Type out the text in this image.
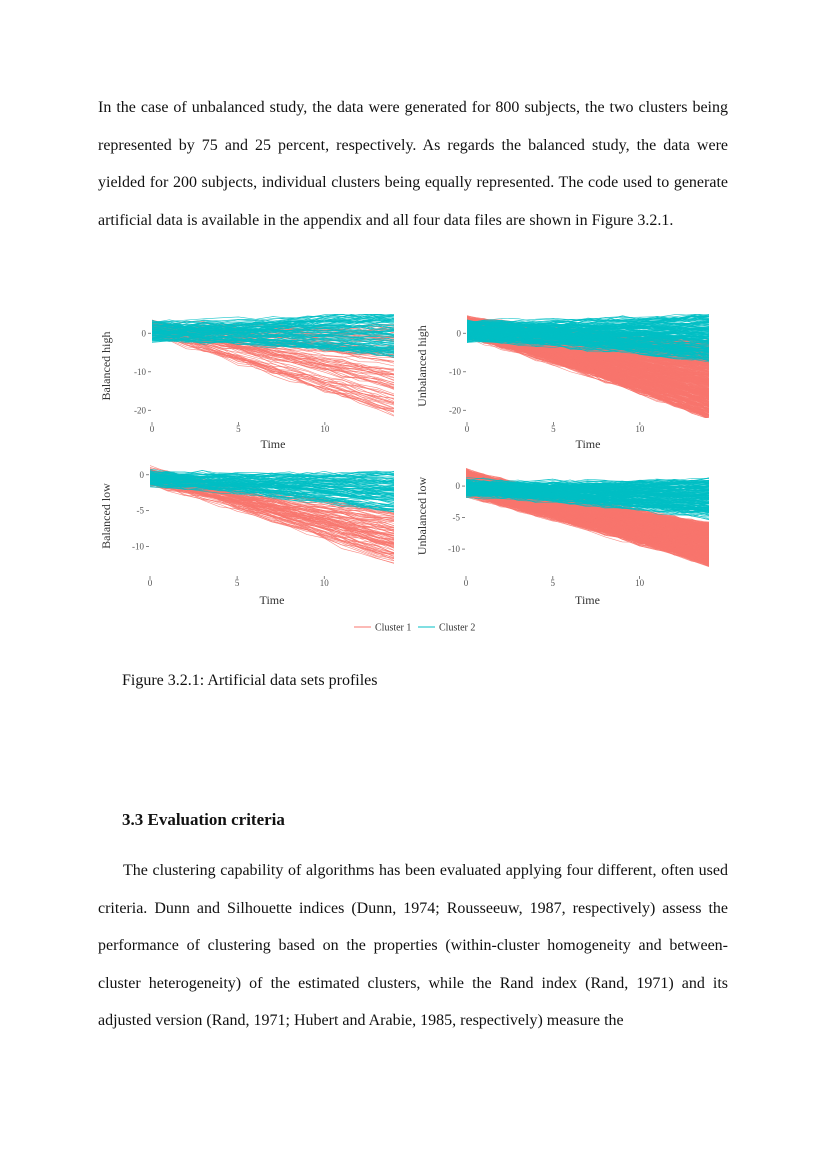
In the case of unbalanced study, the data were generated for 800 subjects, the two clusters being represented by 75 and 25 percent, respectively. As regards the balanced study, the data were yielded for 200 subjects, individual clusters being equally represented. The code used to generate artificial data is available in the appendix and all four data files are shown in Figure 3.2.1.

0
-10
-20
0	5	10
Time
Balanced high	0
-10
-20
0	5	10
Time
Unbalanced high
0
-5
-10
0	5	10
Time
Balanced low	0
-5
-10
0	5	10
Time
Unbalanced low
Cluster 1	Cluster 2

Figure 3.2.1: Artificial data sets profiles

3.3 Evaluation criteria

The clustering capability of algorithms has been evaluated applying four different, often used criteria. Dunn and Silhouette indices (Dunn, 1974; Rousseeuw, 1987, respectively) assess the performance of clustering based on the properties (within-cluster homogeneity and between-cluster heterogeneity) of the estimated clusters, while the Rand index (Rand, 1971) and its adjusted version (Rand, 1971; Hubert and Arabie, 1985, respectively) measure the
